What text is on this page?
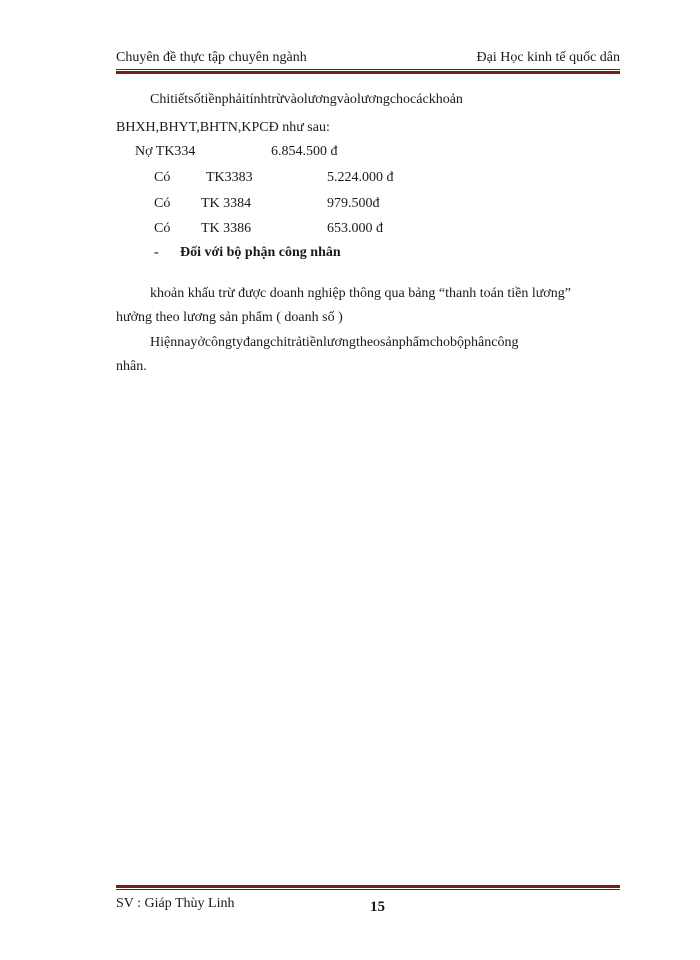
Chuyên đề thực tập chuyên ngành	Đại Học kinh tế quốc dân
Chitiếtsốtiềnphảitínhtrừvàolươngvàolươngchocáckhoản
BHXH,BHYT,BHTN,KPCĐ như sau:
Nợ TK334	6.854.500 đ
Có	TK3383	5.224.000 đ
Có TK 3384	979.500đ
Có TK 3386	653.000 đ
- Đối với bộ phận công nhân
khoản khấu trừ được doanh nghiệp thông qua bảng “thanh toán tiền lương”
hưởng theo lương sản phẩm ( doanh số )
Hiệnnayởcôngtyđangchitrảtiềnlươngtheosảnphẩmchobộphâncông
nhân.
SV : Giáp Thùy Linh	15
